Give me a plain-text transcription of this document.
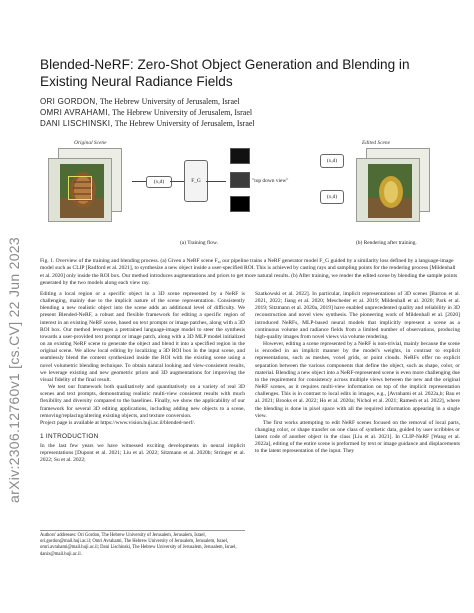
arXiv:2306.12760v1 [cs.CV] 22 Jun 2023
Blended-NeRF: Zero-Shot Object Generation and Blending in Existing Neural Radiance Fields
ORI GORDON, The Hebrew University of Jerusalem, Israel
OMRI AVRAHAMI, The Hebrew University of Jerusalem, Israel
DANI LISCHINSKI, The Hebrew University of Jerusalem, Israel
Original Scene
(x,d)	F_G	"top down view"
(a) Training flow.
Edited Scene
(x,d)
(x,d)
(b) Rendering after training.
Fig. 1. Overview of the training and blending process. (a) Given a NeRF scene F₀, our pipeline trains a NeRF generator model F_G guided by a similarity loss defined by a language-image model such as CLIP [Radford et al. 2021], to synthesize a new object inside a user-specified ROI. This is achieved by casting rays and sampling points for the rendering process [Mildenhall et al. 2020] only inside the ROI box. Our method introduces augmentations and priors to get more natural results. (b) After training, we render the edited scene by blending the sample points generated by the two models along each view ray.

Editing a local region or a specific object in a 3D scene represented by a NeRF is challenging, mainly due to the implicit nature of the scene representation. Consistently blending a new realistic object into the scene adds an additional level of difficulty. We present Blended-NeRF, a robust and flexible framework for editing a specific region of interest in an existing NeRF scene, based on text prompts or image patches, along with a 3D ROI box. Our method leverages a pretrained language-image model to steer the synthesis towards a user-provided text prompt or image patch, along with a 3D MLP model initialized on an existing NeRF scene to generate the object and blend it into a specified region in the original scene. We allow local editing by localizing a 3D ROI box in the input scene, and seamlessly blend the content synthesized inside the ROI with the existing scene using a novel volumetric blending technique. To obtain natural looking and view-consistent results, we leverage existing and new geometric priors and 3D augmentations for improving the visual fidelity of the final result.

We test our framework both qualitatively and quantitatively on a variety of real 3D scenes and text prompts, demonstrating realistic multi-view consistent results with much flexibility and diversity compared to the baselines. Finally, we show the applicability of our framework for several 3D editing applications, including adding new objects to a scene, removing/replacing/altering existing objects, and texture conversion.

Project page is available at https://www.vision.huji.ac.il/blended-nerf/.

1 INTRODUCTION

In the last few years we have witnessed exciting developments in neural implicit representations [Dupont et al. 2021; Liu et al. 2022; Sitzmann et al. 2020b; Stringer et al. 2022; Su et al. 2022;

Authors' addresses: Ori Gordon, The Hebrew University of Jerusalem, Jerusalem, Israel, ori.gordon@mail.huji.ac.il; Omri Avrahami, The Hebrew University of Jerusalem, Jerusalem, Israel, omri.avrahami@mail.huji.ac.il; Dani Lischinski, The Hebrew University of Jerusalem, Jerusalem, Israel, danix@mail.huji.ac.il.

Szatkowski et al. 2022]. In particular, implicit representations of 3D scenes [Barron et al. 2021, 2022; Jiang et al. 2020; Mescheder et al. 2019; Mildenhall et al. 2020; Park et al. 2019; Sitzmann et al. 2020a, 2019] have enabled unprecedented quality and reliability in 3D reconstruction and novel view synthesis. The pioneering work of Mildenhall et al. [2020] introduced NeRFs, MLP-based neural models that implicitly represent a scene as a continuous volume and radiance fields from a limited number of observations, producing high-quality images from novel views via volume rendering.

However, editing a scene represented by a NeRF is non-trivial, mainly because the scene is encoded in an implicit manner by the model's weights, in contrast to explicit representations, such as meshes, voxel grids, or point clouds. NeRFs offer no explicit separation between the various components that define the object, such as shape, color, or material. Blending a new object into a NeRF-represented scene is even more challenging due to the requirement for consistency across multiple views between the new and the original NeRF scenes, as it requires multi-view information on top of the implicit representation challenges. This is in contrast to local edits in images, e.g., [Avrahami et al. 2022a,b; Bau et al. 2021; Brooks et al. 2022; Ho et al. 2020a; Nichol et al. 2021; Ramesh et al. 2022], where the blending is done in pixel space with all the required information appearing in a single view.

The first works attempting to edit NeRF scenes focused on the removal of local parts, changing color, or shape transfer on one class of synthetic data, guided by user scribbles or latent code of another object in the class [Liu et al. 2021]. In CLIP-NeRF [Wang et al. 2022a], editing of the entire scene is preformed by text or image guidance and displacements to the latent representation of the input. They
